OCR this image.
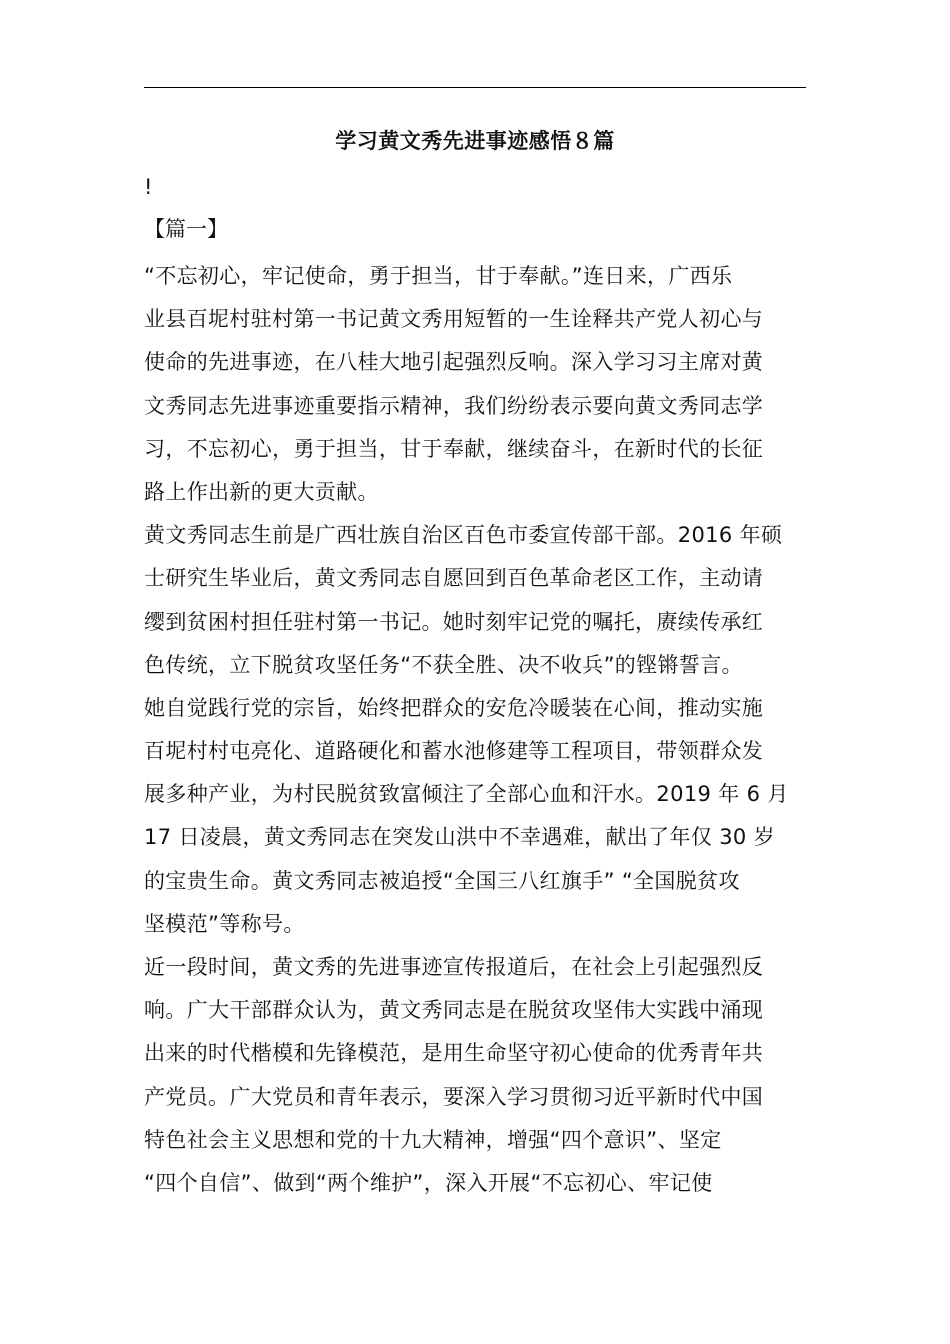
学习黄文秀先进事迹感悟８篇
!
【篇一】
“不忘初心，牢记使命，勇于担当，甘于奉献。”连日来，广西乐
业县百坭村驻村第一书记黄文秀用短暂的一生诠释共产党人初心与
使命的先进事迹，在八桂大地引起强烈反响。深入学习习主席对黄
文秀同志先进事迹重要指示精神，我们纷纷表示要向黄文秀同志学
习，不忘初心，勇于担当，甘于奉献，继续奋斗，在新时代的长征
路上作出新的更大贡献。
黄文秀同志生前是广西壮族自治区百色市委宣传部干部。2016 年硕
士研究生毕业后，黄文秀同志自愿回到百色革命老区工作，主动请
缨到贫困村担任驻村第一书记。她时刻牢记党的嘱托，赓续传承红
色传统，立下脱贫攻坚任务“不获全胜、决不收兵”的铿锵誓言。
她自觉践行党的宗旨，始终把群众的安危冷暖装在心间，推动实施
百坭村村屯亮化、道路硬化和蓄水池修建等工程项目，带领群众发
展多种产业，为村民脱贫致富倾注了全部心血和汗水。2019 年 6 月
17 日凌晨，黄文秀同志在突发山洪中不幸遇难，献出了年仅 30 岁
的宝贵生命。黄文秀同志被追授“全国三八红旗手” “全国脱贫攻
坚模范”等称号。
近一段时间，黄文秀的先进事迹宣传报道后，在社会上引起强烈反
响。广大干部群众认为，黄文秀同志是在脱贫攻坚伟大实践中涌现
出来的时代楷模和先锋模范，是用生命坚守初心使命的优秀青年共
产党员。广大党员和青年表示，要深入学习贯彻习近平新时代中国
特色社会主义思想和党的十九大精神，增强“四个意识”、坚定
“四个自信”、做到“两个维护”，深入开展“不忘初心、牢记使
